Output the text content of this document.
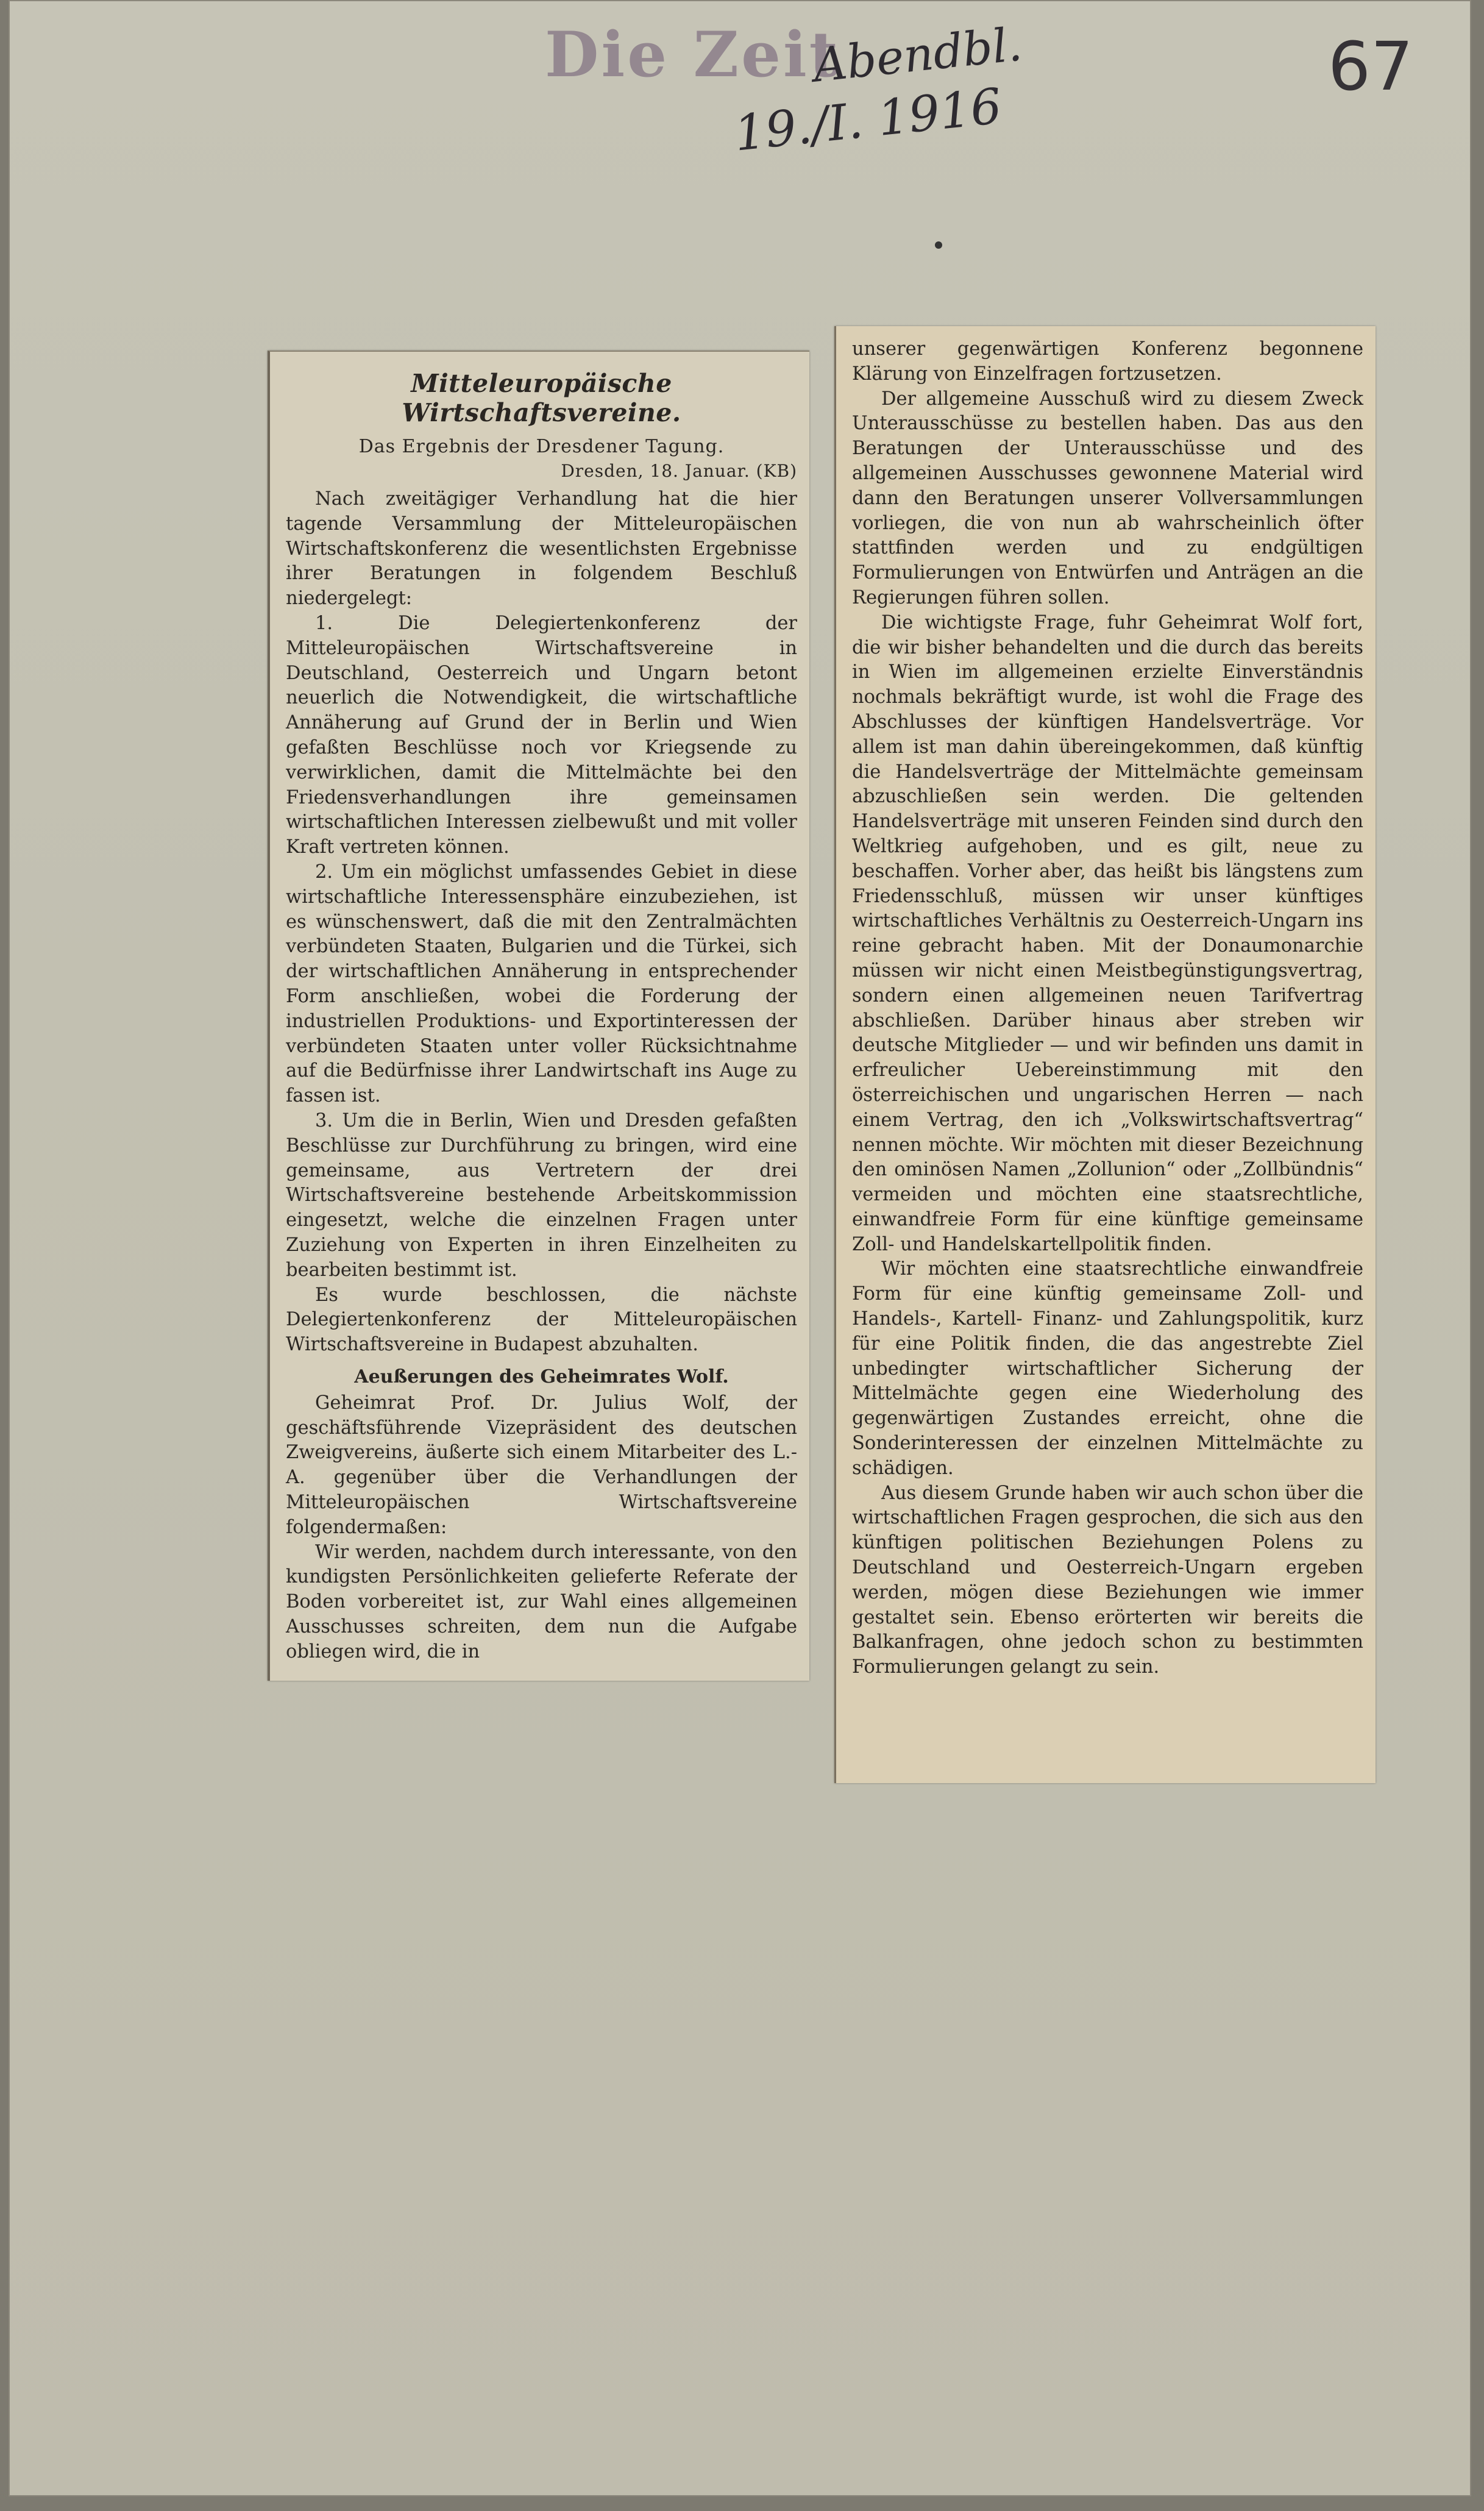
Die Zeit
Abendbl.
19./I. 1916
67
Mitteleuropäische Wirtschaftsvereine.
Das Ergebnis der Dresdener Tagung.
Dresden, 18. Januar. (KB)

Nach zweitägiger Verhandlung hat die hier tagende Versammlung der Mitteleuropäischen Wirtschaftskonferenz die wesentlichsten Ergebnisse ihrer Beratungen in folgendem Beschluß niedergelegt:

1. Die Delegiertenkonferenz der Mitteleuropäischen Wirtschaftsvereine in Deutschland, Oesterreich und Ungarn betont neuerlich die Notwendigkeit, die wirtschaftliche Annäherung auf Grund der in Berlin und Wien gefaßten Beschlüsse noch vor Kriegsende zu verwirklichen, damit die Mittelmächte bei den Friedensverhandlungen ihre gemeinsamen wirtschaftlichen Interessen zielbewußt und mit voller Kraft vertreten können.

2. Um ein möglichst umfassendes Gebiet in diese wirtschaftliche Interessensphäre einzubeziehen, ist es wünschenswert, daß die mit den Zentralmächten verbündeten Staaten, Bulgarien und die Türkei, sich der wirtschaftlichen Annäherung in entsprechender Form anschließen, wobei die Forderung der industriellen Produktions- und Exportinteressen der verbündeten Staaten unter voller Rücksichtnahme auf die Bedürfnisse ihrer Landwirtschaft ins Auge zu fassen ist.

3. Um die in Berlin, Wien und Dresden gefaßten Beschlüsse zur Durchführung zu bringen, wird eine gemeinsame, aus Vertretern der drei Wirtschaftsvereine bestehende Arbeitskommission eingesetzt, welche die einzelnen Fragen unter Zuziehung von Experten in ihren Einzelheiten zu bearbeiten bestimmt ist.

Es wurde beschlossen, die nächste Delegiertenkonferenz der Mitteleuropäischen Wirtschaftsvereine in Budapest abzuhalten.

Aeußerungen des Geheimrates Wolf.

Geheimrat Prof. Dr. Julius Wolf, der geschäftsführende Vizepräsident des deutschen Zweigvereins, äußerte sich einem Mitarbeiter des L.-A. gegenüber über die Verhandlungen der Mitteleuropäischen Wirtschaftsvereine folgendermaßen:

Wir werden, nachdem durch interessante, von den kundigsten Persönlichkeiten gelieferte Referate der Boden vorbereitet ist, zur Wahl eines allgemeinen Ausschusses schreiten, dem nun die Aufgabe obliegen wird, die in

unserer gegenwärtigen Konferenz begonnene Klärung von Einzelfragen fortzusetzen.

Der allgemeine Ausschuß wird zu diesem Zweck Unterausschüsse zu bestellen haben. Das aus den Beratungen der Unterausschüsse und des allgemeinen Ausschusses gewonnene Material wird dann den Beratungen unserer Vollversammlungen vorliegen, die von nun ab wahrscheinlich öfter stattfinden werden und zu endgültigen Formulierungen von Entwürfen und Anträgen an die Regierungen führen sollen.

Die wichtigste Frage, fuhr Geheimrat Wolf fort, die wir bisher behandelten und die durch das bereits in Wien im allgemeinen erzielte Einverständnis nochmals bekräftigt wurde, ist wohl die Frage des Abschlusses der künftigen Handelsverträge. Vor allem ist man dahin übereingekommen, daß künftig die Handelsverträge der Mittelmächte gemeinsam abzuschließen sein werden. Die geltenden Handelsverträge mit unseren Feinden sind durch den Weltkrieg aufgehoben, und es gilt, neue zu beschaffen. Vorher aber, das heißt bis längstens zum Friedensschluß, müssen wir unser künftiges wirtschaftliches Verhältnis zu Oesterreich-Ungarn ins reine gebracht haben. Mit der Donaumonarchie müssen wir nicht einen Meistbegünstigungsvertrag, sondern einen allgemeinen neuen Tarifvertrag abschließen. Darüber hinaus aber streben wir deutsche Mitglieder — und wir befinden uns damit in erfreulicher Uebereinstimmung mit den österreichischen und ungarischen Herren — nach einem Vertrag, den ich „Volkswirtschaftsvertrag“ nennen möchte. Wir möchten mit dieser Bezeichnung den ominösen Namen „Zollunion“ oder „Zollbündnis“ vermeiden und möchten eine staatsrechtliche, einwandfreie Form für eine künftige gemeinsame Zoll- und Handelskartellpolitik finden.

Wir möchten eine staatsrechtliche einwandfreie Form für eine künftig gemeinsame Zoll- und Handels-, Kartell- Finanz- und Zahlungspolitik, kurz für eine Politik finden, die das angestrebte Ziel unbedingter wirtschaftlicher Sicherung der Mittelmächte gegen eine Wiederholung des gegenwärtigen Zustandes erreicht, ohne die Sonderinteressen der einzelnen Mittelmächte zu schädigen.

Aus diesem Grunde haben wir auch schon über die wirtschaftlichen Fragen gesprochen, die sich aus den künftigen politischen Beziehungen Polens zu Deutschland und Oesterreich-Ungarn ergeben werden, mögen diese Beziehungen wie immer gestaltet sein. Ebenso erörterten wir bereits die Balkanfragen, ohne jedoch schon zu bestimmten Formulierungen gelangt zu sein.
